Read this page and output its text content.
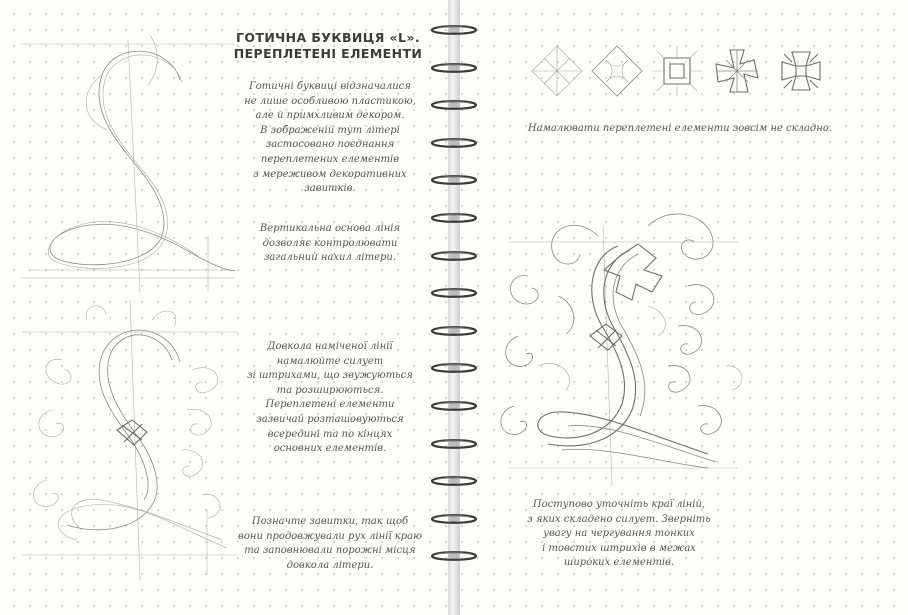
ГОТИЧНА БУКВИЦЯ «L».
ПЕРЕПЛЕТЕНІ ЕЛЕМЕНТИ

Готичні буквиці відзначалися
не лише особливою пластикою,
але й примхливим декором.
В зображеній тут літері
застосовано поєднання
переплетених елементів
з мереживом декоративних
завитків.

Вертикальна основа лінія
дозволяє контролювати
загальний нахил літери.

Довкола наміченої лінії
намалюйте силует
зі штрихами, що звужуються
та розширюються.
Переплетені елементи
зазвичай розташовуються
всередині та по кінцях
основних елементів.

Позначте завитки, так щоб
вони продовжували рух лінії краю
та заповнювали порожні місця
довкола літери.

Намалювати переплетені елементи зовсім не складно.

Поступово уточніть краї ліній,
з яких складено силует. Зверніть
увагу на чергування тонких
і товстих штрихів в межах
широких елементів.
